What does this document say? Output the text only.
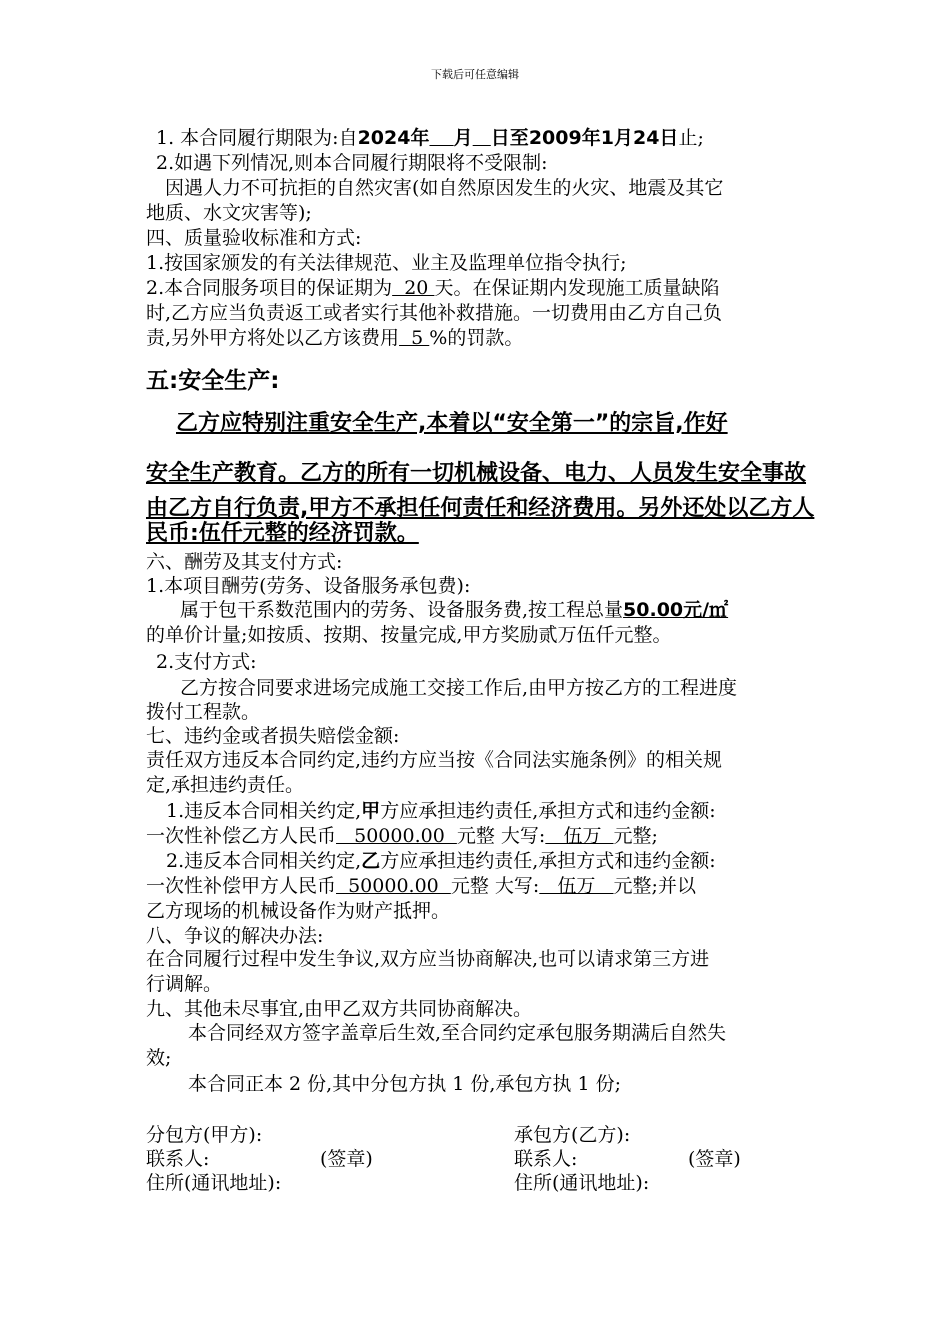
下载后可任意编辑
1. 本合同履行期限为:自2024年 月 日至2009年1月24日止;
2.如遇下列情况,则本合同履行期限将不受限制:
因遇人力不可抗拒的自然灾害(如自然原因发生的火灾、地震及其它
地质、水文灾害等);
四、质量验收标准和方式:
1.按国家颁发的有关法律规范、业主及监理单位指令执行;
2.本合同服务项目的保证期为  20 天。在保证期内发现施工质量缺陷
时,乙方应当负责返工或者实行其他补救措施。一切费用由乙方自己负
责,另外甲方将处以乙方该费用  5 %的罚款。
五:安全生产:
乙方应特别注重安全生产,本着以“安全第一”的宗旨,作好
安全生产教育。乙方的所有一切机械设备、电力、人员发生安全事故
由乙方自行负责,甲方不承担任何责任和经济费用。另外还处以乙方人
民币:伍仟元整的经济罚款。
六、酬劳及其支付方式:
1.本项目酬劳(劳务、设备服务承包费):
属于包干系数范围内的劳务、设备服务费,按工程总量50.00元/㎡
的单价计量;如按质、按期、按量完成,甲方奖励贰万伍仟元整。
2.支付方式:
乙方按合同要求进场完成施工交接工作后,由甲方按乙方的工程进度
拨付工程款。
七、违约金或者损失赔偿金额:
责任双方违反本合同约定,违约方应当按《合同法实施条例》的相关规
定,承担违约责任。
1.违反本合同相关约定,甲方应承担违约责任,承担方式和违约金额:
一次性补偿乙方人民币   50000.00  元整 大写:   伍万  元整;
2.违反本合同相关约定,乙方应承担违约责任,承担方式和违约金额:
一次性补偿甲方人民币  50000.00  元整 大写:   伍万   元整;并以
乙方现场的机械设备作为财产抵押。
八、争议的解决办法:
在合同履行过程中发生争议,双方应当协商解决,也可以请求第三方进
行调解。
九、其他未尽事宜,由甲乙双方共同协商解决。
本合同经双方签字盖章后生效,至合同约定承包服务期满后自然失
效;
本合同正本 2 份,其中分包方执 1 份,承包方执 1 份;
分包方(甲方):
联系人:	(签章)
住所(通讯地址):
承包方(乙方):
联系人:	(签章)
住所(通讯地址):
